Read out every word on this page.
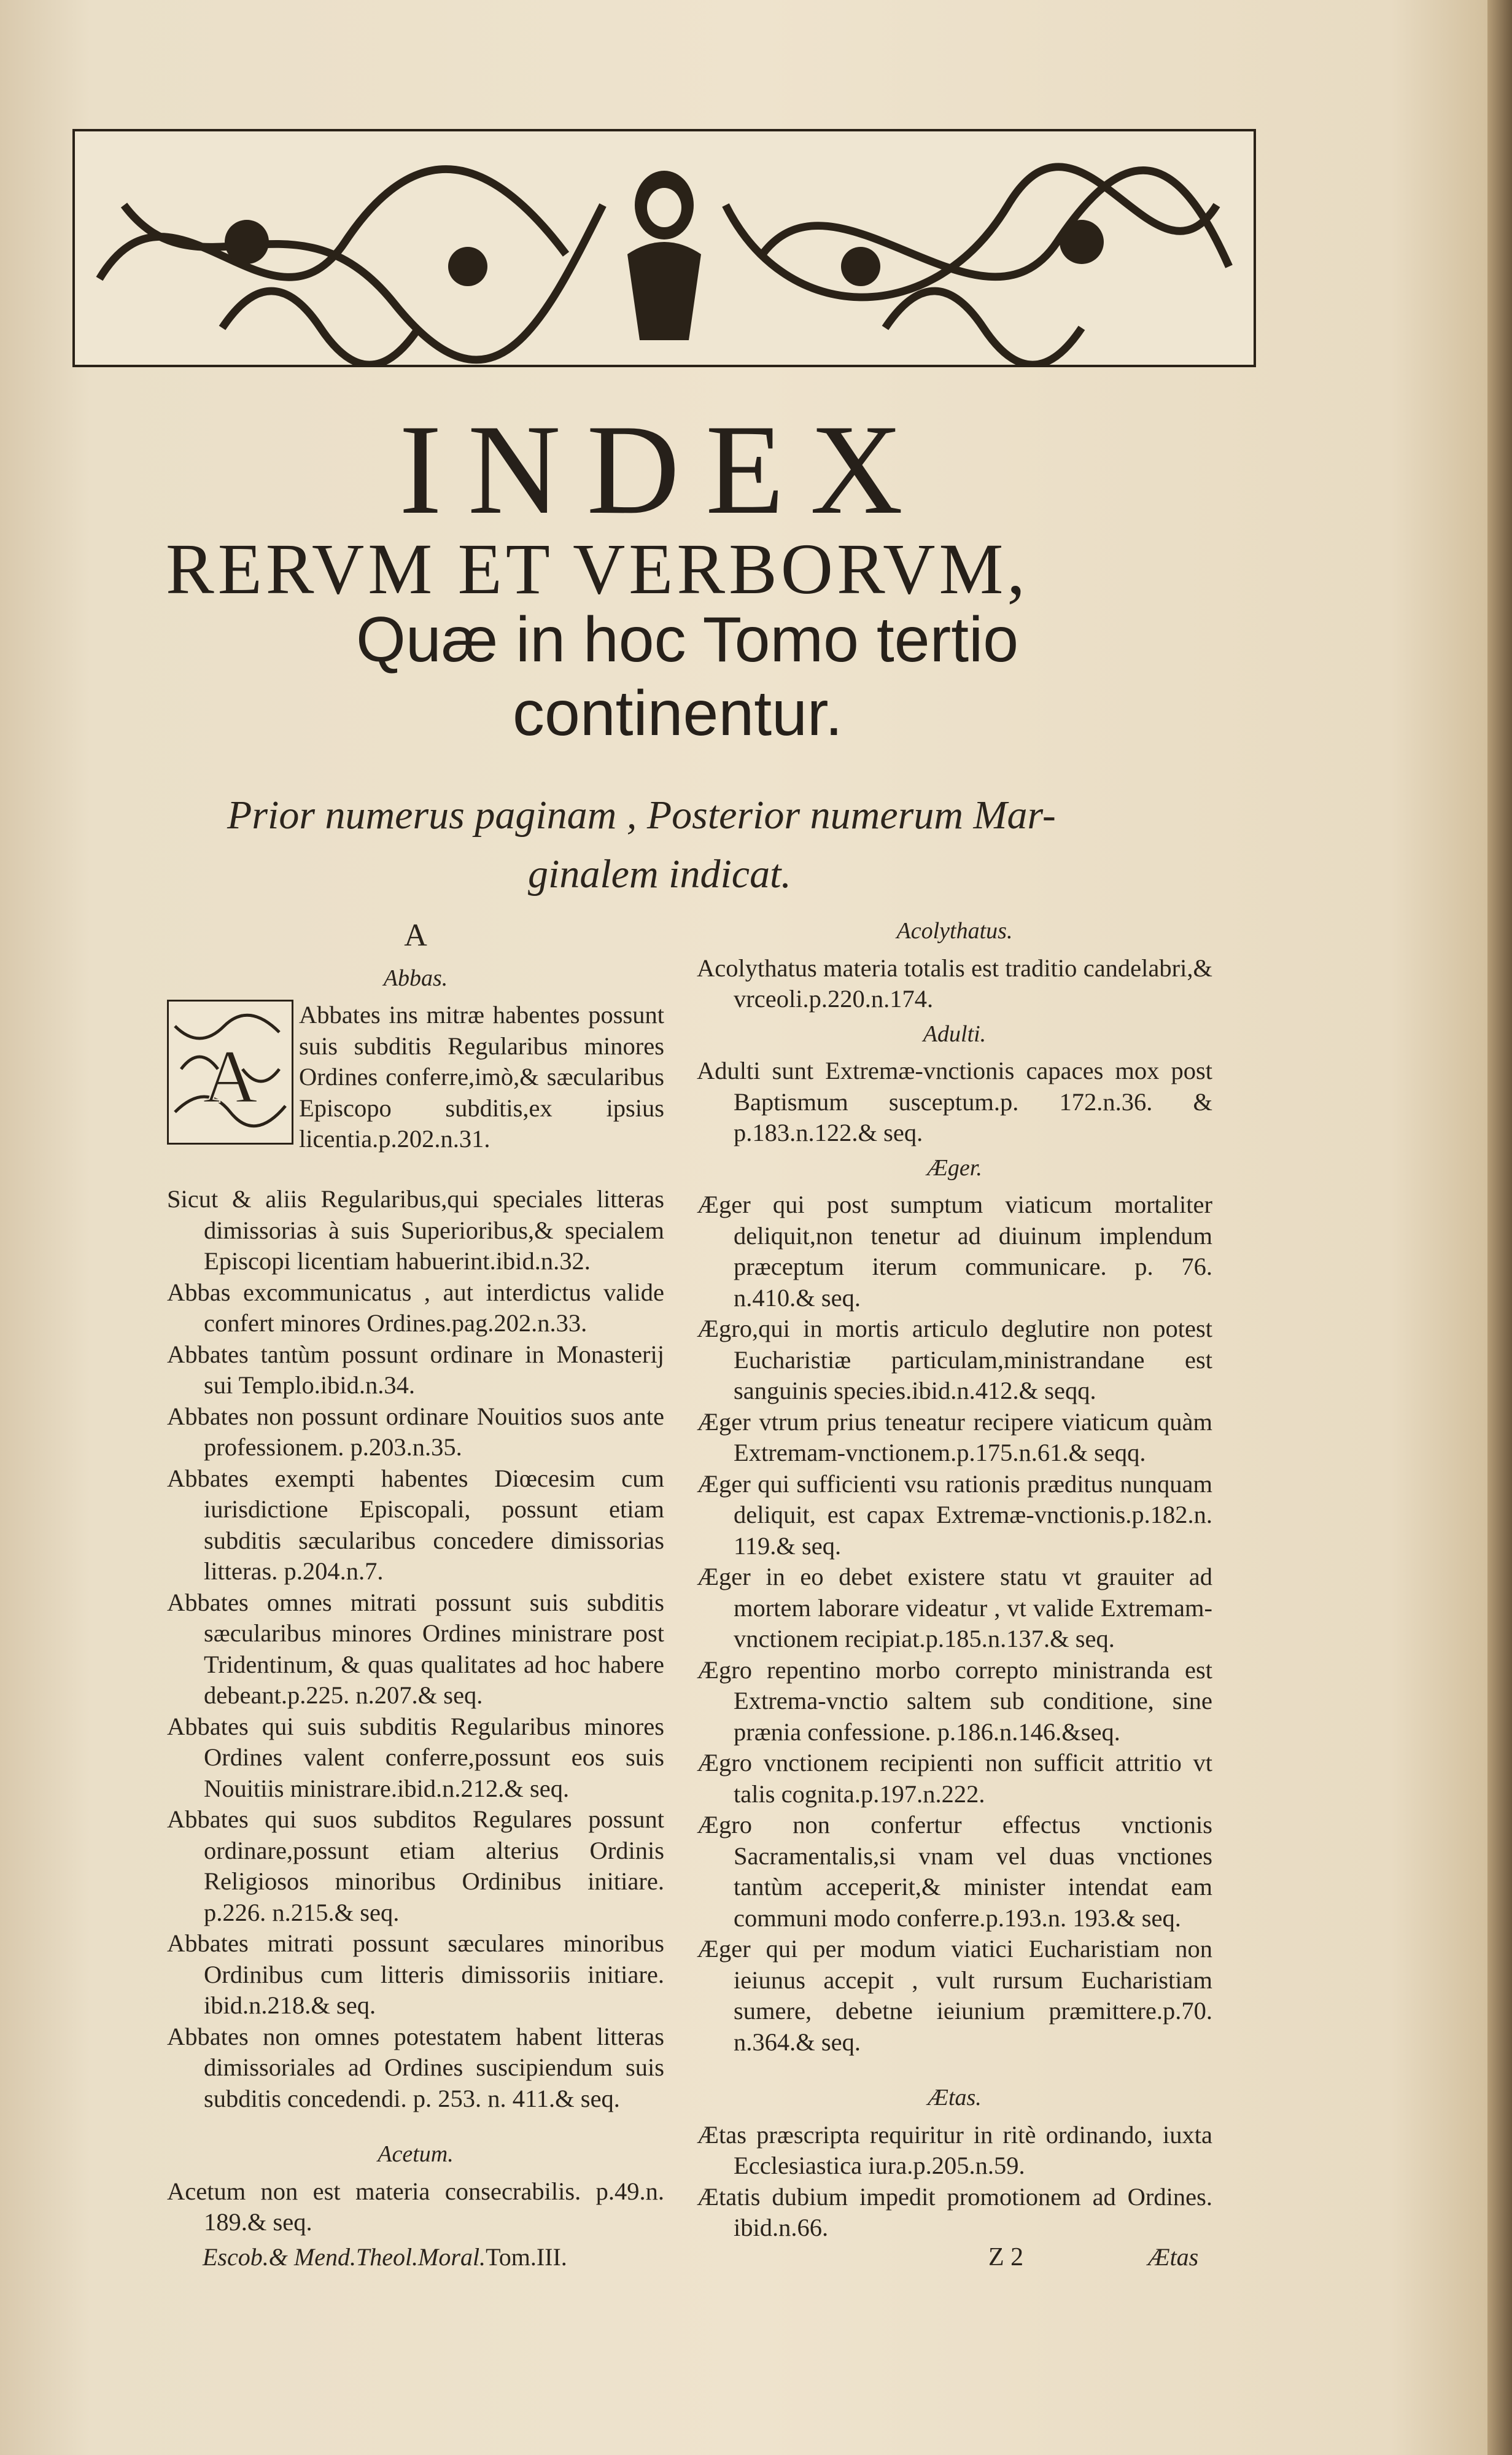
INDEX
RERVM ET VERBORVM,
Quæ in hoc Tomo tertio
continentur.
Prior numerus paginam , Posterior numerum Mar-
ginalem indicat.
A
Abbas.
A

Abbates ins mitræ habentes possunt suis subditis Regularibus minores Ordines conferre,imò,& sæcularibus Episcopo subditis,ex ipsius licentia.p.202.n.31.

Sicut & aliis Regularibus,qui speciales litteras dimissorias à suis Superioribus,& specialem Episcopi licentiam habuerint.ibid.n.32.

Abbas excommunicatus , aut interdictus valide confert minores Ordines.pag.202.n.33.

Abbates tantùm possunt ordinare in Monasterij sui Templo.ibid.n.34.

Abbates non possunt ordinare Nouitios suos ante professionem. p.203.n.35.

Abbates exempti habentes Diœcesim cum iurisdictione Episcopali, possunt etiam subditis sæcularibus concedere dimissorias litteras. p.204.n.7.

Abbates omnes mitrati possunt suis subditis sæcularibus minores Ordines ministrare post Tridentinum, & quas qualitates ad hoc habere debeant.p.225. n.207.& seq.

Abbates qui suis subditis Regularibus minores Ordines valent conferre,possunt eos suis Nouitiis ministrare.ibid.n.212.& seq.

Abbates qui suos subditos Regulares possunt ordinare,possunt etiam alterius Ordinis Religiosos minoribus Ordinibus initiare. p.226. n.215.& seq.

Abbates mitrati possunt sæculares minoribus Ordinibus cum litteris dimissoriis initiare. ibid.n.218.& seq.

Abbates non omnes potestatem habent litteras dimissoriales ad Ordines suscipiendum suis subditis concedendi. p. 253. n. 411.& seq.

Acetum.

Acetum non est materia consecrabilis. p.49.n. 189.& seq.

Acolythatus.

Acolythatus materia totalis est traditio candelabri,& vrceoli.p.220.n.174.

Adulti.

Adulti sunt Extremæ-vnctionis capaces mox post Baptismum susceptum.p. 172.n.36. & p.183.n.122.& seq.

Æger.

Æger qui post sumptum viaticum mortaliter deliquit,non tenetur ad diuinum implendum præceptum iterum communicare. p. 76. n.410.& seq.

Ægro,qui in mortis articulo deglutire non potest Eucharistiæ particulam,ministrandane est sanguinis species.ibid.n.412.& seqq.

Æger vtrum prius teneatur recipere viaticum quàm Extremam-vnctionem.p.175.n.61.& seqq.

Æger qui sufficienti vsu rationis præditus nunquam deliquit, est capax Extremæ-vnctionis.p.182.n. 119.& seq.

Æger in eo debet existere statu vt grauiter ad mortem laborare videatur , vt valide Extremam-vnctionem recipiat.p.185.n.137.& seq.

Ægro repentino morbo correpto ministranda est Extrema-vnctio saltem sub conditione, sine prænia confessione. p.186.n.146.&seq.

Ægro vnctionem recipienti non sufficit attritio vt talis cognita.p.197.n.222.

Ægro non confertur effectus vnctionis Sacramentalis,si vnam vel duas vnctiones tantùm acceperit,& minister intendat eam communi modo conferre.p.193.n. 193.& seq.

Æger qui per modum viatici Eucharistiam non ieiunus accepit , vult rursum Eucharistiam sumere, debetne ieiunium præmittere.p.70. n.364.& seq.

Ætas.

Ætas præscripta requiritur in ritè ordinando, iuxta Ecclesiastica iura.p.205.n.59.

Ætatis dubium impedit promotionem ad Ordines. ibid.n.66.

Escob.& Mend.Theol.Moral.Tom.III.	Z 2	Ætas
